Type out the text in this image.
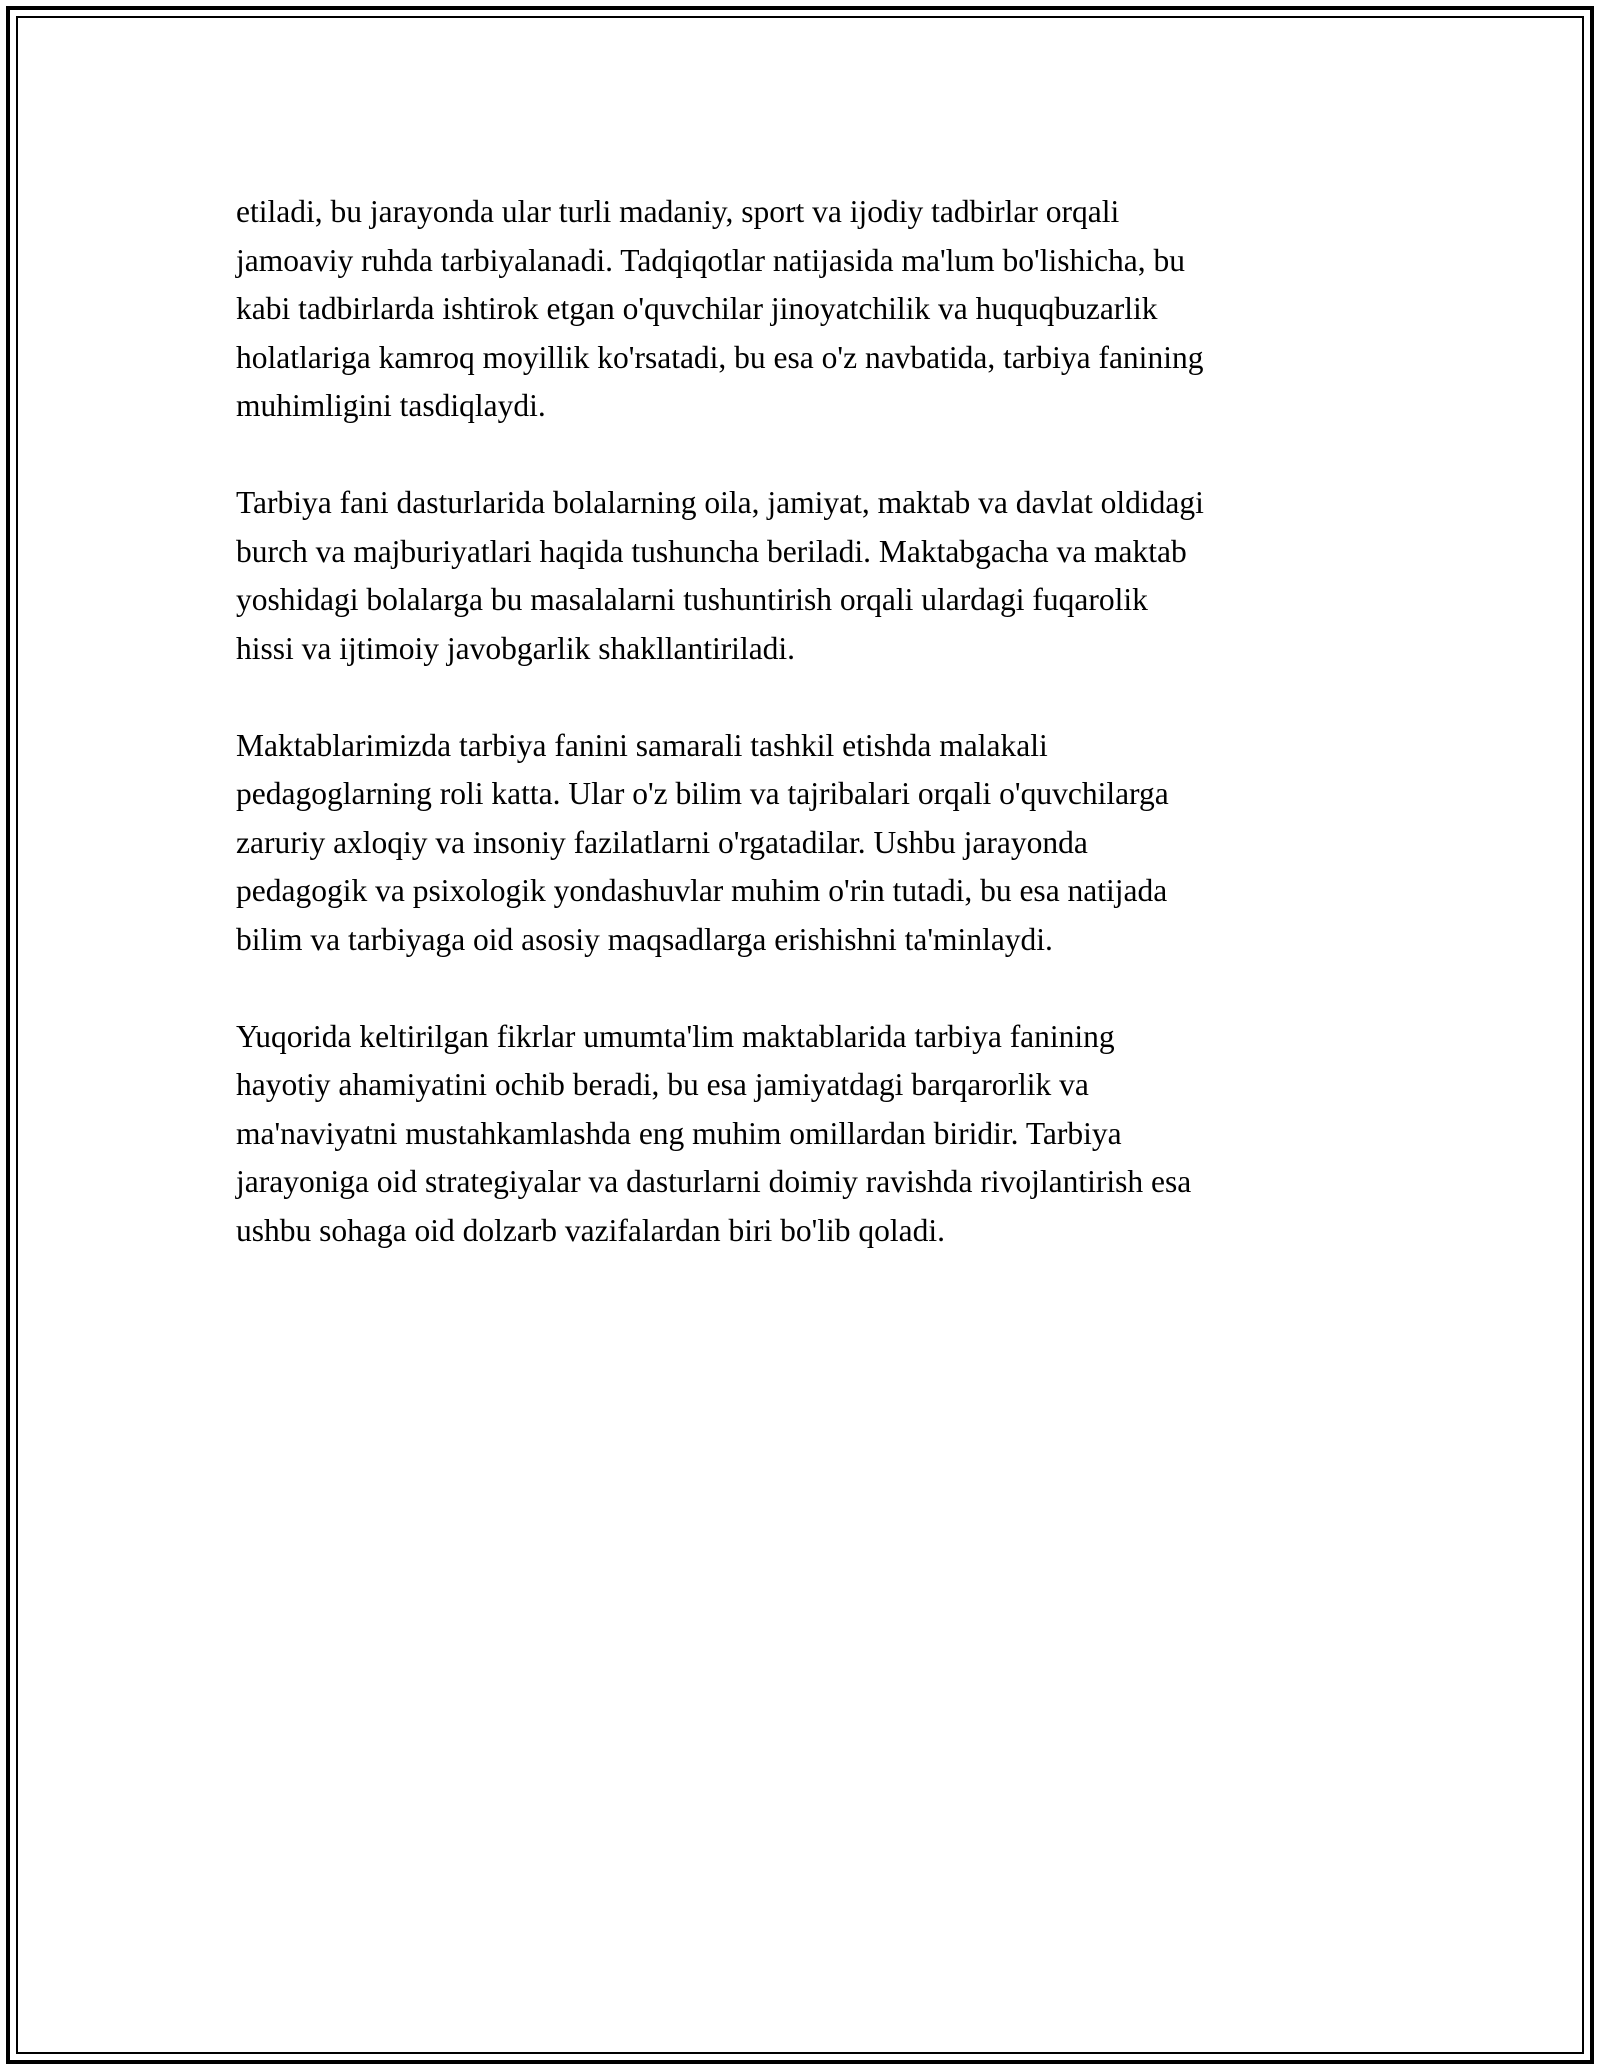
etiladi, bu jarayonda ular turli madaniy, sport va ijodiy tadbirlar orqali
jamoaviy ruhda tarbiyalanadi. Tadqiqotlar natijasida ma'lum bo'lishicha, bu
kabi tadbirlarda ishtirok etgan o'quvchilar jinoyatchilik va huquqbuzarlik
holatlariga kamroq moyillik ko'rsatadi, bu esa o'z navbatida, tarbiya fanining
muhimligini tasdiqlaydi.

Tarbiya fani dasturlarida bolalarning oila, jamiyat, maktab va davlat oldidagi
burch va majburiyatlari haqida tushuncha beriladi. Maktabgacha va maktab
yoshidagi bolalarga bu masalalarni tushuntirish orqali ulardagi fuqarolik
hissi va ijtimoiy javobgarlik shakllantiriladi.

Maktablarimizda tarbiya fanini samarali tashkil etishda malakali
pedagoglarning roli katta. Ular o'z bilim va tajribalari orqali o'quvchilarga
zaruriy axloqiy va insoniy fazilatlarni o'rgatadilar. Ushbu jarayonda
pedagogik va psixologik yondashuvlar muhim o'rin tutadi, bu esa natijada
bilim va tarbiyaga oid asosiy maqsadlarga erishishni ta'minlaydi.

Yuqorida keltirilgan fikrlar umumta'lim maktablarida tarbiya fanining
hayotiy ahamiyatini ochib beradi, bu esa jamiyatdagi barqarorlik va
ma'naviyatni mustahkamlashda eng muhim omillardan biridir. Tarbiya
jarayoniga oid strategiyalar va dasturlarni doimiy ravishda rivojlantirish esa
ushbu sohaga oid dolzarb vazifalardan biri bo'lib qoladi.
